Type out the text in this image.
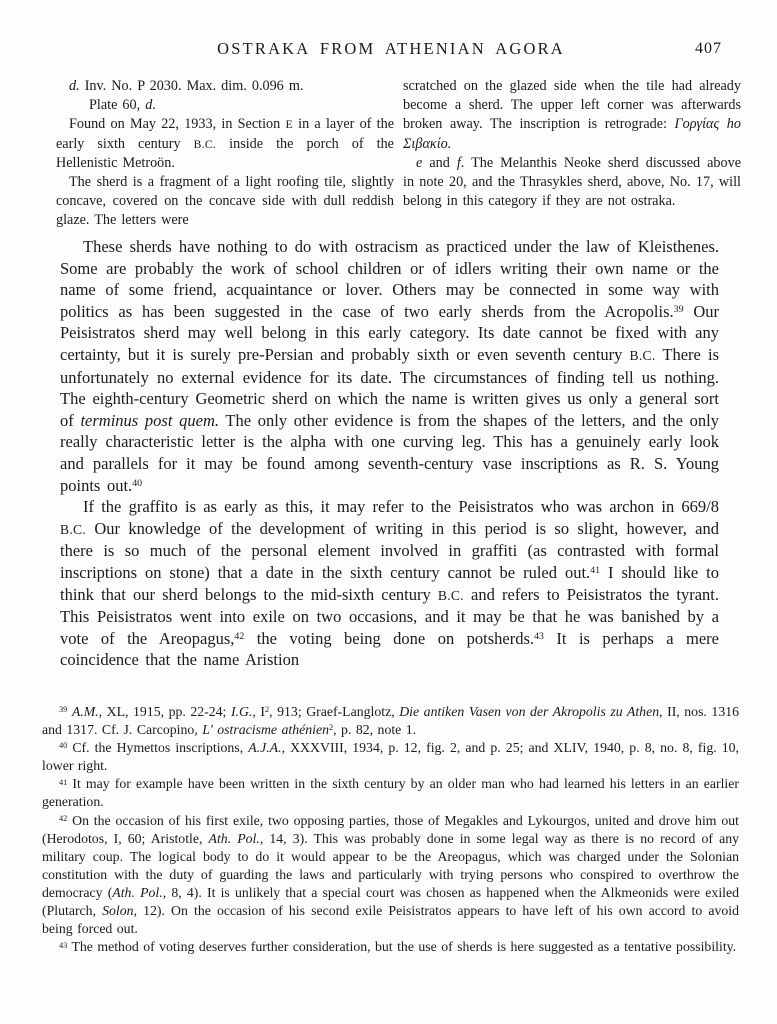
OSTRAKA FROM ATHENIAN AGORA	407

d. Inv. No. P 2030. Max. dim. 0.096 m.

Plate 60, d.

Found on May 22, 1933, in Section E in a layer of the early sixth century B.C. inside the porch of the Hellenistic Metroön.

The sherd is a fragment of a light roofing tile, slightly concave, covered on the concave side with dull reddish glaze. The letters were

scratched on the glazed side when the tile had already become a sherd. The upper left corner was afterwards broken away. The inscription is retrograde: Γοργίας ho Σιβακίο.

e and f. The Melanthis Neoke sherd discussed above in note 20, and the Thrasykles sherd, above, No. 17, will belong in this category if they are not ostraka.

These sherds have nothing to do with ostracism as practiced under the law of Kleisthenes. Some are probably the work of school children or of idlers writing their own name or the name of some friend, acquaintance or lover. Others may be connected in some way with politics as has been suggested in the case of two early sherds from the Acropolis.$^{39}$ Our Peisistratos sherd may well belong in this early category. Its date cannot be fixed with any certainty, but it is surely pre-Persian and probably sixth or even seventh century B.C. There is unfortunately no external evidence for its date. The circumstances of finding tell us nothing. The eighth-century Geometric sherd on which the name is written gives us only a general sort of terminus post quem. The only other evidence is from the shapes of the letters, and the only really characteristic letter is the alpha with one curving leg. This has a genuinely early look and parallels for it may be found among seventh-century vase inscriptions as R. S. Young points out.$^{40}$

If the graffito is as early as this, it may refer to the Peisistratos who was archon in 669/8 B.C. Our knowledge of the development of writing in this period is so slight, however, and there is so much of the personal element involved in graffiti (as contrasted with formal inscriptions on stone) that a date in the sixth century cannot be ruled out.$^{41}$ I should like to think that our sherd belongs to the mid-sixth century B.C. and refers to Peisistratos the tyrant. This Peisistratos went into exile on two occasions, and it may be that he was banished by a vote of the Areopagus,$^{42}$ the voting being done on potsherds.$^{43}$ It is perhaps a mere coincidence that the name Aristion

$^{39}$ A.M., XL, 1915, pp. 22-24; I.G., $I^2$, 913; Graef-Langlotz, Die antiken Vasen von der Akropolis zu Athen, II, nos. 1316 and 1317. Cf. J. Carcopino, L' ostracisme athénien$^2$, p. 82, note 1.

$^{40}$ Cf. the Hymettos inscriptions, A.J.A., XXXVIII, 1934, p. 12, fig. 2, and p. 25; and XLIV, 1940, p. 8, no. 8, fig. 10, lower right.

$^{41}$ It may for example have been written in the sixth century by an older man who had learned his letters in an earlier generation.

$^{42}$ On the occasion of his first exile, two opposing parties, those of Megakles and Lykourgos, united and drove him out (Herodotos, I, 60; Aristotle, Ath. Pol., 14, 3). This was probably done in some legal way as there is no record of any military coup. The logical body to do it would appear to be the Areopagus, which was charged under the Solonian constitution with the duty of guarding the laws and particularly with trying persons who conspired to overthrow the democracy (Ath. Pol., 8, 4). It is unlikely that a special court was chosen as happened when the Alkmeonids were exiled (Plutarch, Solon, 12). On the occasion of his second exile Peisistratos appears to have left of his own accord to avoid being forced out.

$^{43}$ The method of voting deserves further consideration, but the use of sherds is here suggested as a tentative possibility.
